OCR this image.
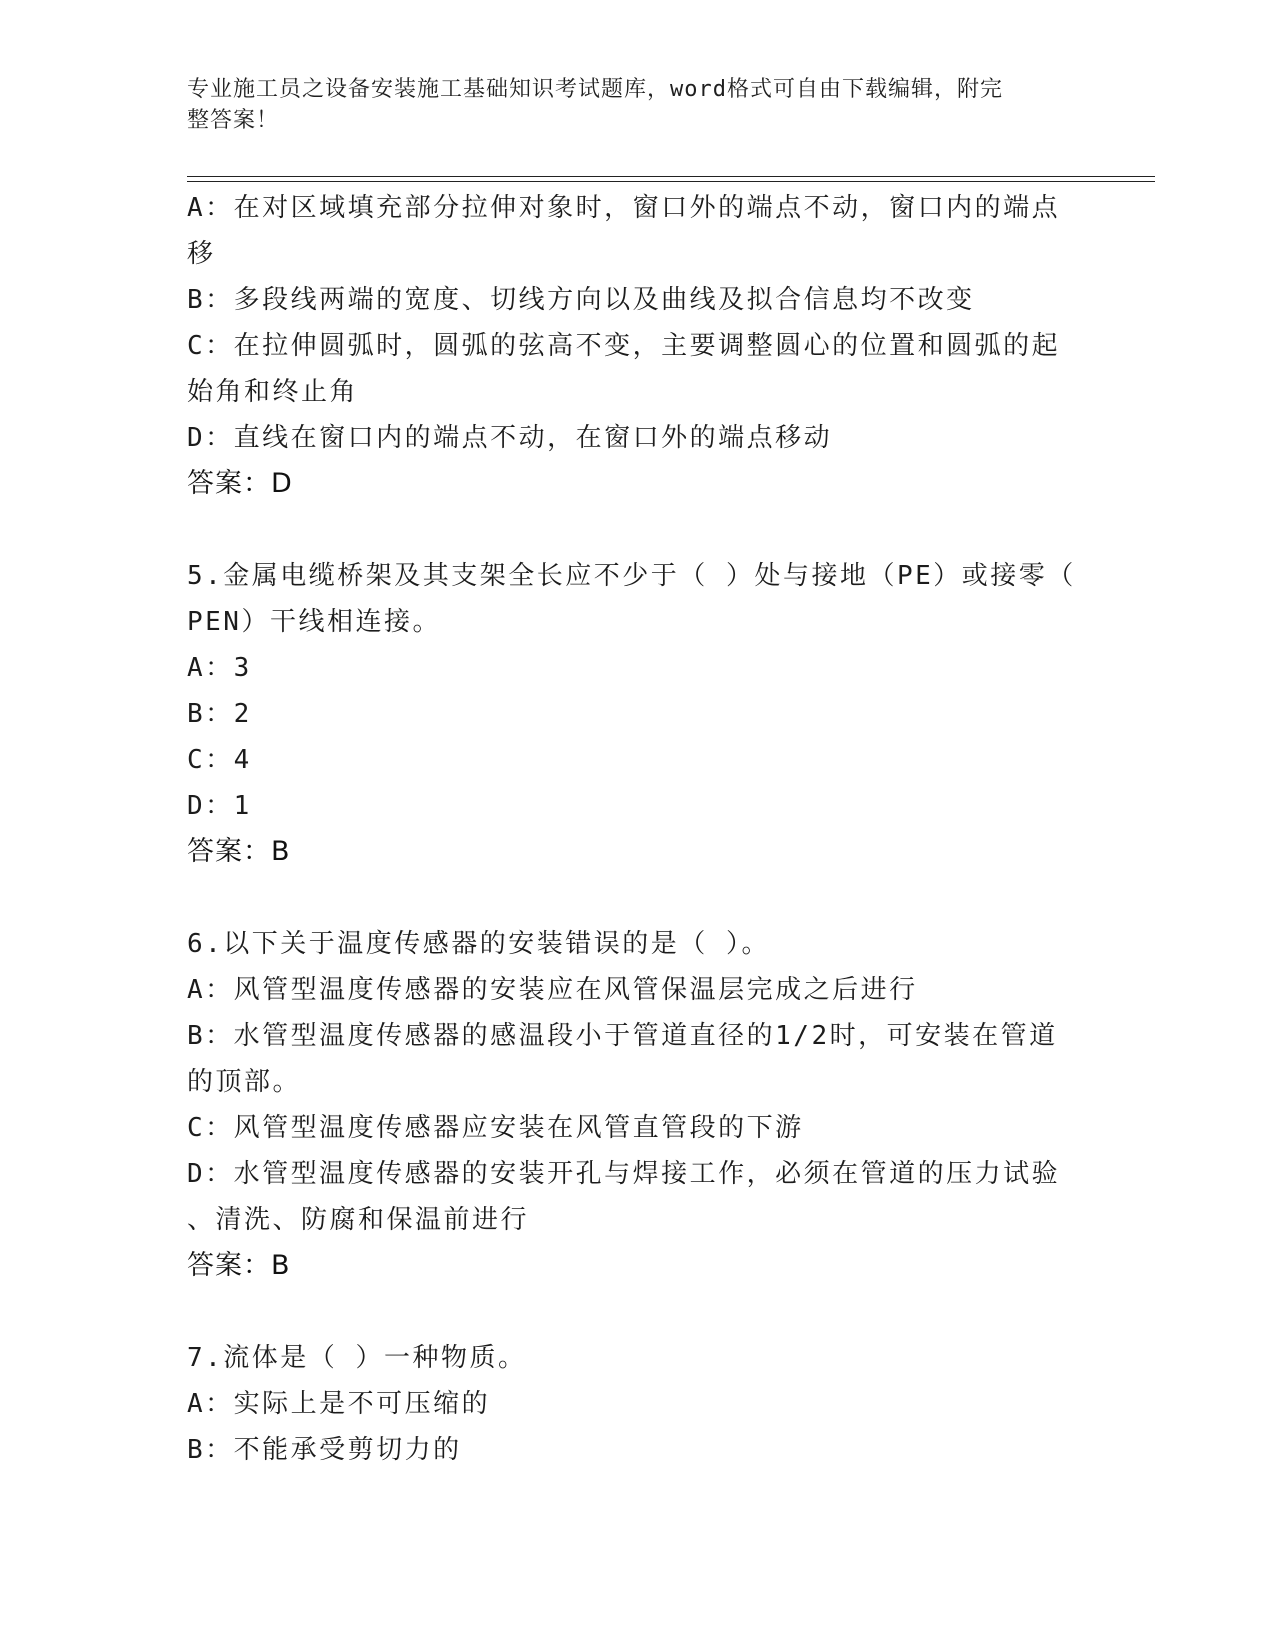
专业施工员之设备安装施工基础知识考试题库，word格式可自由下载编辑，附完
整答案！
A：在对区域填充部分拉伸对象时，窗口外的端点不动，窗口内的端点
移
B：多段线两端的宽度、切线方向以及曲线及拟合信息均不改变
C：在拉伸圆弧时，圆弧的弦高不变，主要调整圆心的位置和圆弧的起
始角和终止角
D：直线在窗口内的端点不动，在窗口外的端点移动
答案：D
5.金属电缆桥架及其支架全长应不少于（ ）处与接地（PE）或接零（
PEN）干线相连接。
A：3
B：2
C：4
D：1
答案：B
6.以下关于温度传感器的安装错误的是（ ）。
A：风管型温度传感器的安装应在风管保温层完成之后进行
B：水管型温度传感器的感温段小于管道直径的1/2时，可安装在管道
的顶部。
C：风管型温度传感器应安装在风管直管段的下游
D：水管型温度传感器的安装开孔与焊接工作，必须在管道的压力试验
、清洗、防腐和保温前进行
答案：B
7.流体是（ ）一种物质。
A：实际上是不可压缩的
B：不能承受剪切力的
